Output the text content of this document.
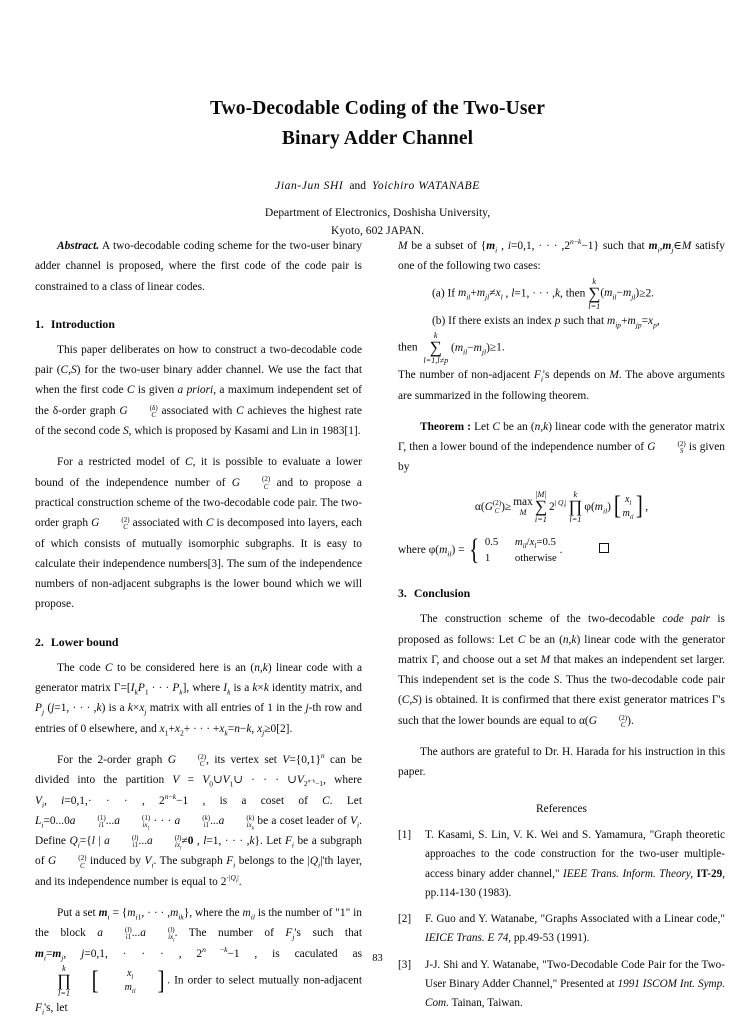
Two-Decodable Coding of the Two-User
Binary Adder Channel
Jian-Jun SHI and Yoichiro WATANABE
Department of Electronics, Doshisha University,
Kyoto, 602 JAPAN.

Abstract. A two-decodable coding scheme for the two-user binary adder channel is proposed, where the first code of the code pair is constrained to a class of linear codes.

1. Introduction

This paper deliberates on how to construct a two-decodable code pair (C,S) for the two-user binary adder channel. We use the fact that when the first code C is given a priori, a maximum independent set of the δ-order graph G	(δ)
C associated with C achieves the highest rate of the second code S, which is proposed by Kasami and Lin in 1983[1].

For a restricted model of C, it is possible to evaluate a lower bound of the independence number of G	(2)
C and to propose a practical construction scheme of the two-decodable code pair. The two-order graph G	(2)
C associated with C is decomposed into layers, each of which consists of mutually isomorphic subgraphs. It is easy to calculate their independence numbers[3]. The sum of the independence numbers of non-adjacent subgraphs is the lower bound which we will propose.

2. Lower bound

The code C to be considered here is an (n,k) linear code with a generator matrix $\Gamma=[I_kP_1$ · · · $P_k$], where $I_k$ is a k×k identity matrix, and $P_j$ (j=1, · · · ,k) is a $k\times x_j$ matrix with all entries of 1 in the j-th row and entries of 0 elsewhere, and $x_1+x_2+$ · · · $+x_k=n-k$, $x_j\ge 0[2]$.

For the 2-order graph G	(2)
C , its vertex set $V=\{0,1\}^n$ can be divided into the partition $V = V_0\cup V_1\cup$ · · · $\cup V_{2^{n-k}-1}$, where $V_i$, i=0,1,· · · , $2^{n-k}-1$ , is a coset of C. Let $L_i=0...0a$	(1)
i1 ...a	(1)
$ix_1$
· · · a	(k)
i1 ...a	(k)
$ix_k$
be a coset leader of $V_i$. Define $Q_i=\{l$ | a	(l)
i1 ...a	(l)
$ix_l$
≠0 , l=1, · · · ,k}. Let $F_i$ be a subgraph of G	(2)
C induced by $V_i$. The subgraph $F_i$ belongs to the $|Q_i|'th$ layer, and its independence number is equal to $2^{\cdot|Q_i|}$.

Put a set $m_i = \{m_{i1}$, · · · $,m_{ik}$}, where the $m_{il}$ is the number of "1" in the block a	(l)
i1 ...a	(l)
$ix_l$
. The number of $F_j's$ such that $m_i=m_j$, j=0,1, · · · , $2^{n -k}-1$ , is caculated as
k
∏
l=1 [	$x_l$
$m_{il}$ ] . In order to select mutually non-adjacent $F_i's$, let

M be a subset of {$m_i$ , i=0,1, · · · $,2^{n-k}-1$} such that $m_i,m_j\in M$ satisfy one of the following two cases:

(a) If $m_{il}+m_{jl}\ne x_l$ , l=1, · · · ,k, then
k
∑
l=1
$(m_{il}-m_{jl})\ge 2$.

(b) If there exists an index p such that $m_{ip}+m_{jp}=x_p$,

then
k
∑
l=1,l≠p
$(m_{il}-m_{jl})\ge 1$.

The number of non-adjacent $F_i's$ depends on M. The above arguments are summarized in the following theorem.

Theorem : Let C be an (n,k) linear code with the generator matrix Γ, then a lower bound of the independence number of G	(2)
S is given by

α(G (2)
C )≥ max
M
|M|
∑
i=1
$2^{| Q_i|}$
k
∏
l=1
$\varphi(m_{il})$ [ $x_l$
$m_{il}$ ] ,

where $\varphi(m_{il})$ = { 0.5 $m_{il}/x_l=0.5$
1 otherwise
.

3. Conclusion

The construction scheme of the two-decodable code pair is proposed as follows: Let C be an (n,k) linear code with the generator matrix Γ, and choose out a set M that makes an independent set larger. This independent set is the code S. Thus the two-decodable code pair (C,S) is obtained. It is confirmed that there exist generator matrices Γ's such that the lower bounds are equal to α(G	(2)
C ).

The authors are grateful to Dr. H. Harada for his instruction in this paper.

References
[1]	T. Kasami, S. Lin, V. K. Wei and S. Yamamura, "Graph theoretic approaches to the code construction for the two-user multiple-access binary adder channel," IEEE Trans. Inform. Theory, IT-29, pp.114-130 (1983).
[2]	F. Guo and Y. Watanabe, "Graphs Associated with a Linear code," IEICE Trans. E 74, pp.49-53 (1991).
[3]	J-J. Shi and Y. Watanabe, "Two-Decodable Code Pair for the Two-User Binary Adder Channel," Presented at 1991 ISCOM Int. Symp. Com. Tainan, Taiwan.
83
